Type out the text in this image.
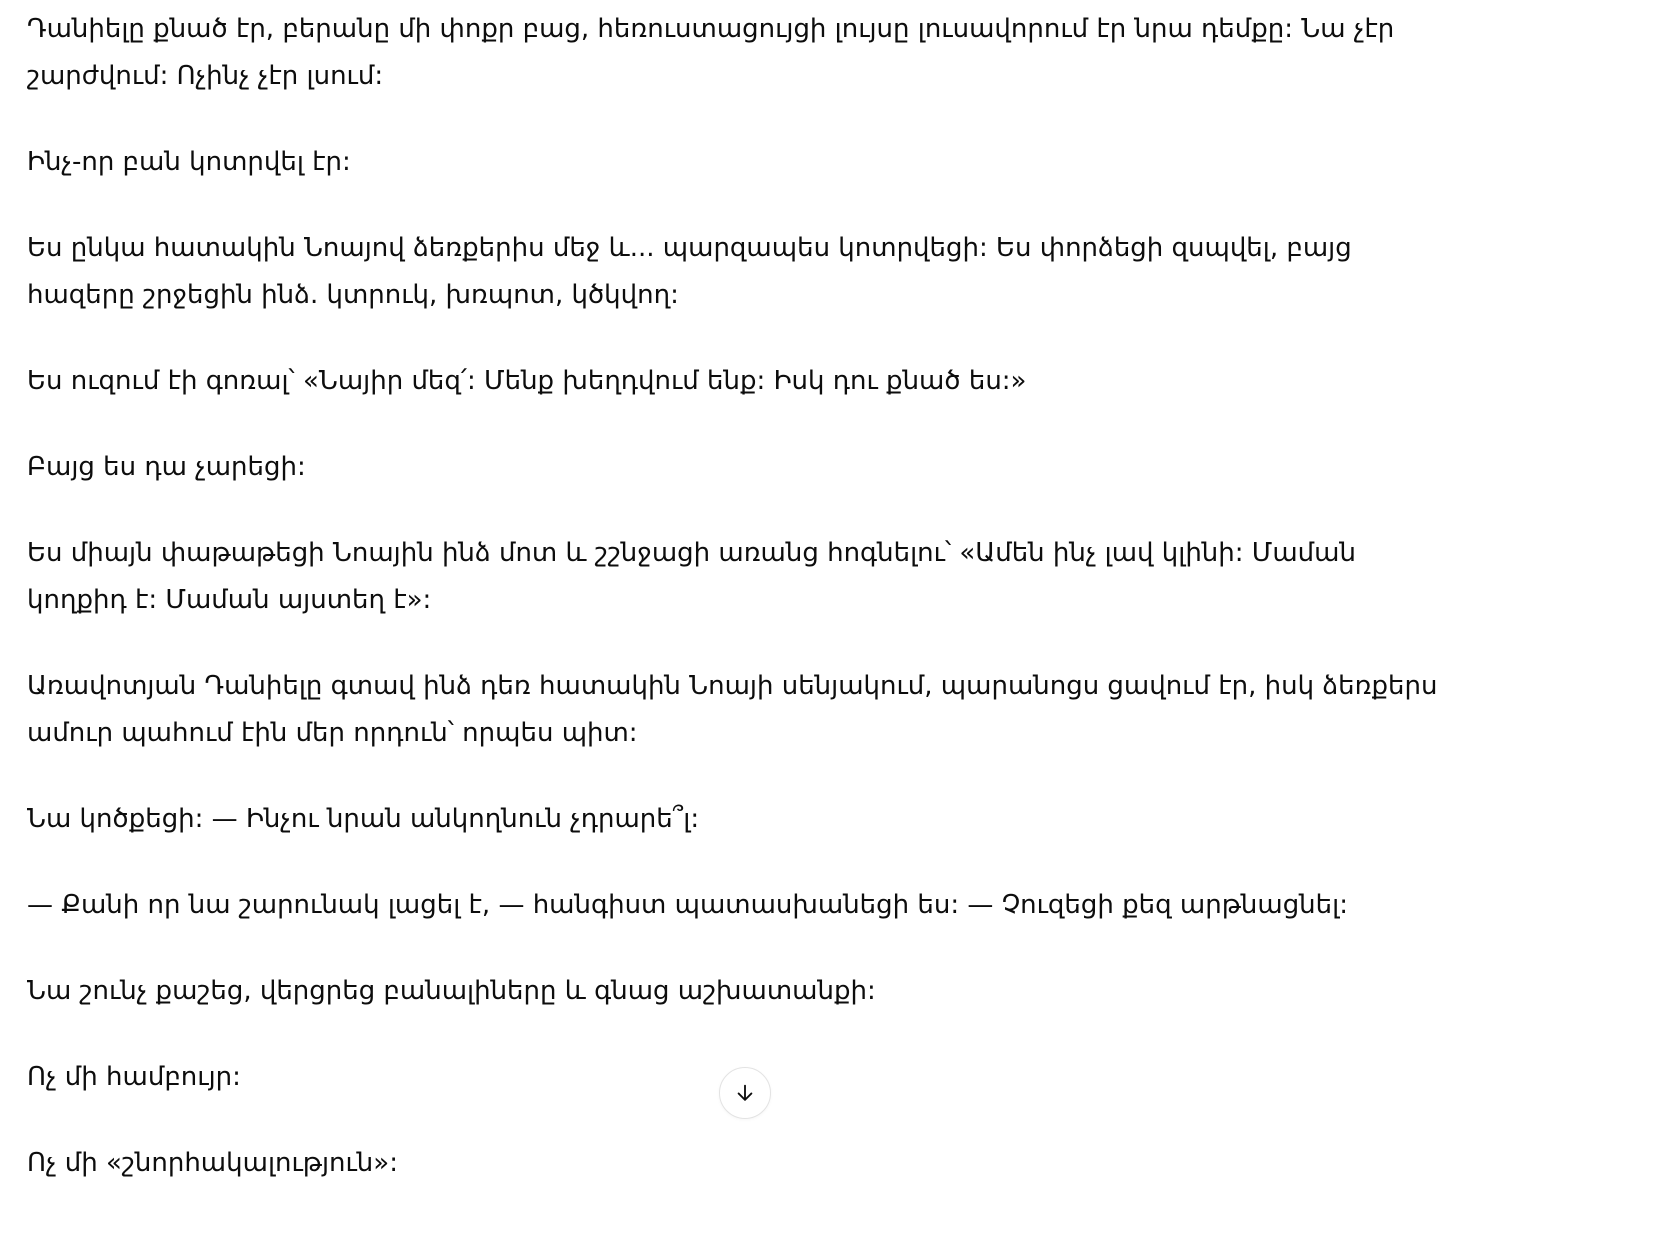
Դանիելը քնած էր, բերանը մի փոքր բաց, հեռուստացույցի լույսը լուսավորում էր նրա դեմքը: Նա չէր շարժվում: Ոչինչ չէր լսում:

Ինչ-որ բան կոտրվել էր:

Ես ընկա հատակին Նոայով ձեռքերիս մեջ և... պարզապես կոտրվեցի: Ես փորձեցի զսպվել, բայց հազերը շրջեցին ինձ. կտրուկ, խռպոտ, կծկվող:

Ես ուզում էի գոռալ՝ «Նայիր մեզ՛: Մենք խեղդվում ենք: Իսկ դու քնած ես:»

Բայց ես դա չարեցի:

Ես միայն փաթաթեցի Նոային ինձ մոտ և շշնջացի առանց հոգնելու՝ «Ամեն ինչ լավ կլինի: Մաման կողքիդ է: Մաման այստեղ է»:

Առավոտյան Դանիելը գտավ ինձ դեռ հատակին Նոայի սենյակում, պարանոցս ցավում էր, իսկ ձեռքերս ամուր պահում էին մեր որդուն՝ որպես պիտ:

Նա կոծքեցի: — Ինչու նրան անկողնուն չդրարե՞լ:

— Քանի որ նա շարունակ լացել է, — հանգիստ պատասխանեցի ես: — Չուզեցի քեզ արթնացնել:

Նա շունչ քաշեց, վերցրեց բանալիները և գնաց աշխատանքի:

Ոչ մի համբույր:

Ոչ մի «շնորհակալություն»:
